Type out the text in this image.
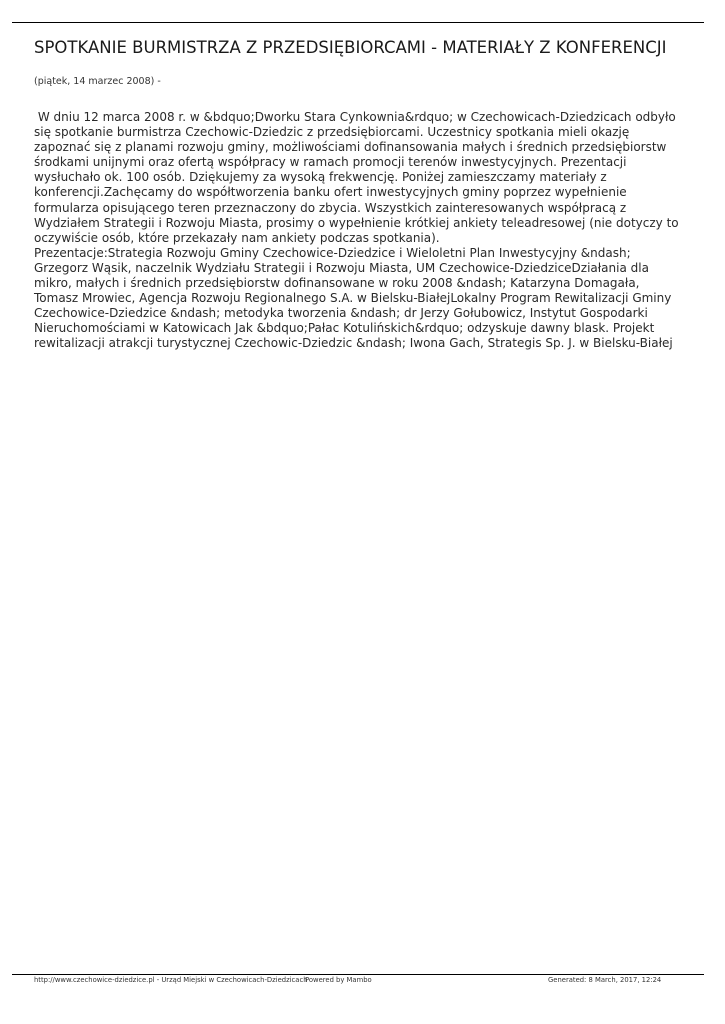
SPOTKANIE BURMISTRZA Z PRZEDSIĘBIORCAMI - MATERIAŁY Z KONFERENCJI
(piątek, 14 marzec 2008) -

W dniu 12 marca 2008 r. w &bdquo;Dworku Stara Cynkownia&rdquo; w Czechowicach-Dziedzicach odbyło się spotkanie burmistrza Czechowic-Dziedzic z przedsiębiorcami. Uczestnicy spotkania mieli okazję zapoznać się z planami rozwoju gminy, możliwościami dofinansowania małych i średnich przedsiębiorstw środkami unijnymi oraz ofertą współpracy w ramach promocji terenów inwestycyjnych. Prezentacji wysłuchało ok. 100 osób. Dziękujemy za wysoką frekwencję. Poniżej zamieszczamy materiały z konferencji.Zachęcamy do współtworzenia banku ofert inwestycyjnych gminy poprzez wypełnienie formularza opisującego teren przeznaczony do zbycia. Wszystkich zainteresowanych współpracą z Wydziałem Strategii i Rozwoju Miasta, prosimy o wypełnienie krótkiej ankiety teleadresowej (nie dotyczy to oczywiście osób, które przekazały nam ankiety podczas spotkania).

Prezentacje:Strategia Rozwoju Gminy Czechowice-Dziedzice i Wieloletni Plan Inwestycyjny &ndash; Grzegorz Wąsik, naczelnik Wydziału Strategii i Rozwoju Miasta, UM Czechowice-DziedziceDziałania dla mikro, małych i średnich przedsiębiorstw dofinansowane w roku 2008 &ndash; Katarzyna Domagała, Tomasz Mrowiec, Agencja Rozwoju Regionalnego S.A. w Bielsku-BiałejLokalny Program Rewitalizacji Gminy Czechowice-Dziedzice &ndash; metodyka tworzenia &ndash; dr Jerzy Gołubowicz, Instytut Gospodarki Nieruchomościami w Katowicach Jak &bdquo;Pałac Kotulińskich&rdquo; odzyskuje dawny blask. Projekt rewitalizacji atrakcji turystycznej Czechowic-Dziedzic &ndash; Iwona Gach, Strategis Sp. J. w Bielsku-Białej

http://www.czechowice-dziedzice.pl - Urząd Miejski w Czechowicach-Dziedzicach
Powered by Mambo	Generated: 8 March, 2017, 12:24
